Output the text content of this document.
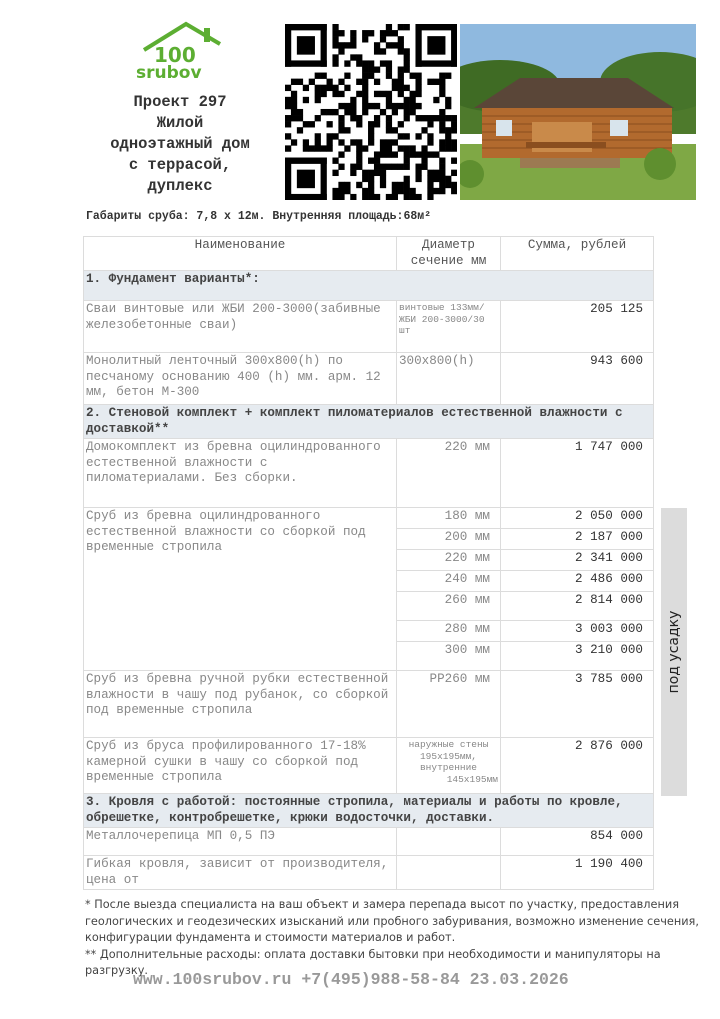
100
srubov
Проект 297
Жилой
одноэтажный дом
с террасой,
дуплекс
Габариты сруба: 7,8 х 12м. Внутренняя площадь:68м²
Наименование	Диаметр сечение мм	Сумма, рублей
1. Фундамент варианты*:		
Сваи винтовые или ЖБИ 200-3000(забивные железобетонные сваи)	винтовые 133мм/ЖБИ 200-3000/30 шт	205 125
Монолитный ленточный 300х800(h) по песчаному основанию 400 (h) мм. арм. 12 мм, бетон М-300	300х800(h)	943 600
2. Стеновой комплект + комплект пиломатериалов естественной влажности с доставкой**		
Домокомплект из бревна оцилиндрованного естественной влажности с пиломатериалами. Без сборки.	220 мм	1 747 000
Сруб из бревна оцилиндрованного естественной влажности со сборкой под временные стропила	180 мм	2 050 000
	200 мм	2 187 000
	220 мм	2 341 000
	240 мм	2 486 000
	260 мм	2 814 000
	280 мм	3 003 000
	300 мм	3 210 000
Сруб из бревна ручной рубки естественной влажности в чашу под рубанок, со сборкой под временные стропила	РР260 мм	3 785 000
Сруб из бруса профилированного 17-18% камерной сушки в чашу со сборкой под временные стропила	наружные стены
195х195мм,
внутренние
145х195мм	2 876 000
3. Кровля с работой: постоянные стропила, материалы и работы по кровле, обрешетке, контробрешетке, крюки водосточки, доставки.		
Металлочерепица МП 0,5 ПЭ		854 000
Гибкая кровля, зависит от производителя, цена от		1 190 400
под усадку
* После выезда специалиста на ваш объект и замера перепада высот по участку, предоставления геологических и геодезических изысканий или пробного забуривания, возможно изменение сечения, конфигурации фундамента и стоимости материалов и работ.
** Дополнительные расходы: оплата доставки бытовки при необходимости и манипуляторы на разгрузку.
www.100srubov.ru +7(495)988-58-84 23.03.2026
